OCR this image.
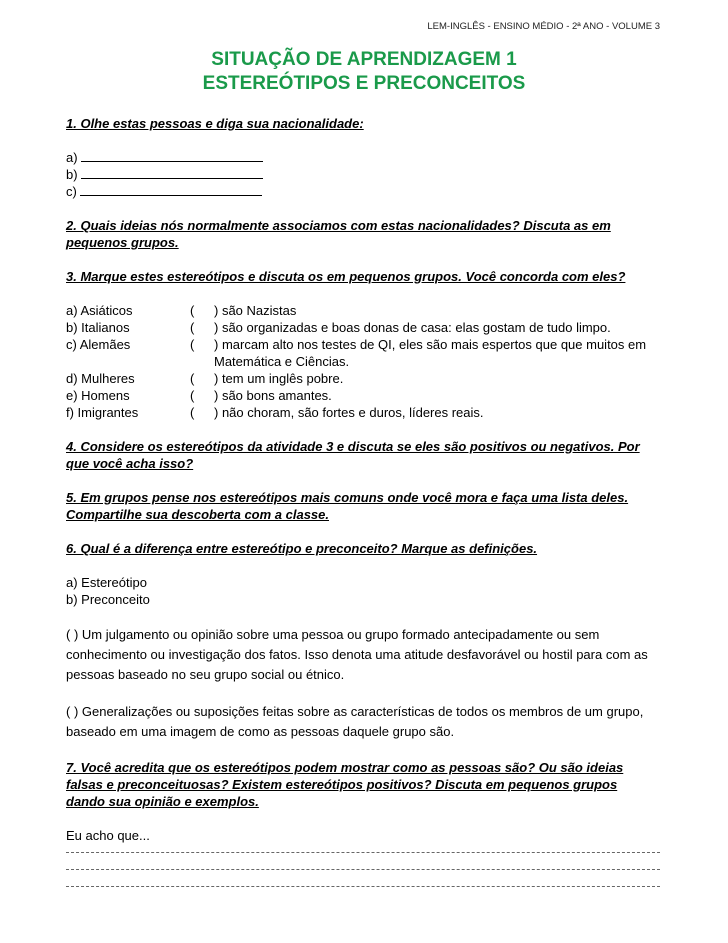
LEM-INGLÊS - ENSINO MÉDIO - 2ª ANO - VOLUME 3
SITUAÇÃO DE APRENDIZAGEM 1
ESTEREÓTIPOS E PRECONCEITOS

1. Olhe estas pessoas e diga sua nacionalidade:

a)

b)

c)

2. Quais ideias nós normalmente associamos com estas nacionalidades? Discuta as em
pequenos grupos.

3. Marque estes estereótipos e discuta os em pequenos grupos. Você concorda com eles?

a) Asiáticos	(	) são Nazistas
b) Italianos	(	) são organizadas e boas donas de casa: elas gostam de tudo limpo.
c) Alemães	(	) marcam alto nos testes de QI, eles são mais espertos que que muitos em Matemática e Ciências.
d) Mulheres	(	) tem um inglês pobre.
e) Homens	(	) são bons amantes.
f) Imigrantes	(	) não choram, são fortes e duros, líderes reais.

4. Considere os estereótipos da atividade 3 e discuta se eles são positivos ou negativos. Por
que você acha isso?

5. Em grupos pense nos estereótipos mais comuns onde você mora e faça uma lista deles.
Compartilhe sua descoberta com a classe.

6. Qual é a diferença entre estereótipo e preconceito? Marque as definições.

a) Estereótipo

b) Preconceito

( ) Um julgamento ou opinião sobre uma pessoa ou grupo formado antecipadamente ou sem conhecimento ou investigação dos fatos. Isso denota uma atitude desfavorável ou hostil para com as pessoas baseado no seu grupo social ou étnico.

( ) Generalizações ou suposições feitas sobre as características de todos os membros de um grupo, baseado em uma imagem de como as pessoas daquele grupo são.

7. Você acredita que os estereótipos podem mostrar como as pessoas são? Ou são ideias
falsas e preconceituosas? Existem estereótipos positivos? Discuta em pequenos grupos
dando sua opinião e exemplos.

Eu acho que...
